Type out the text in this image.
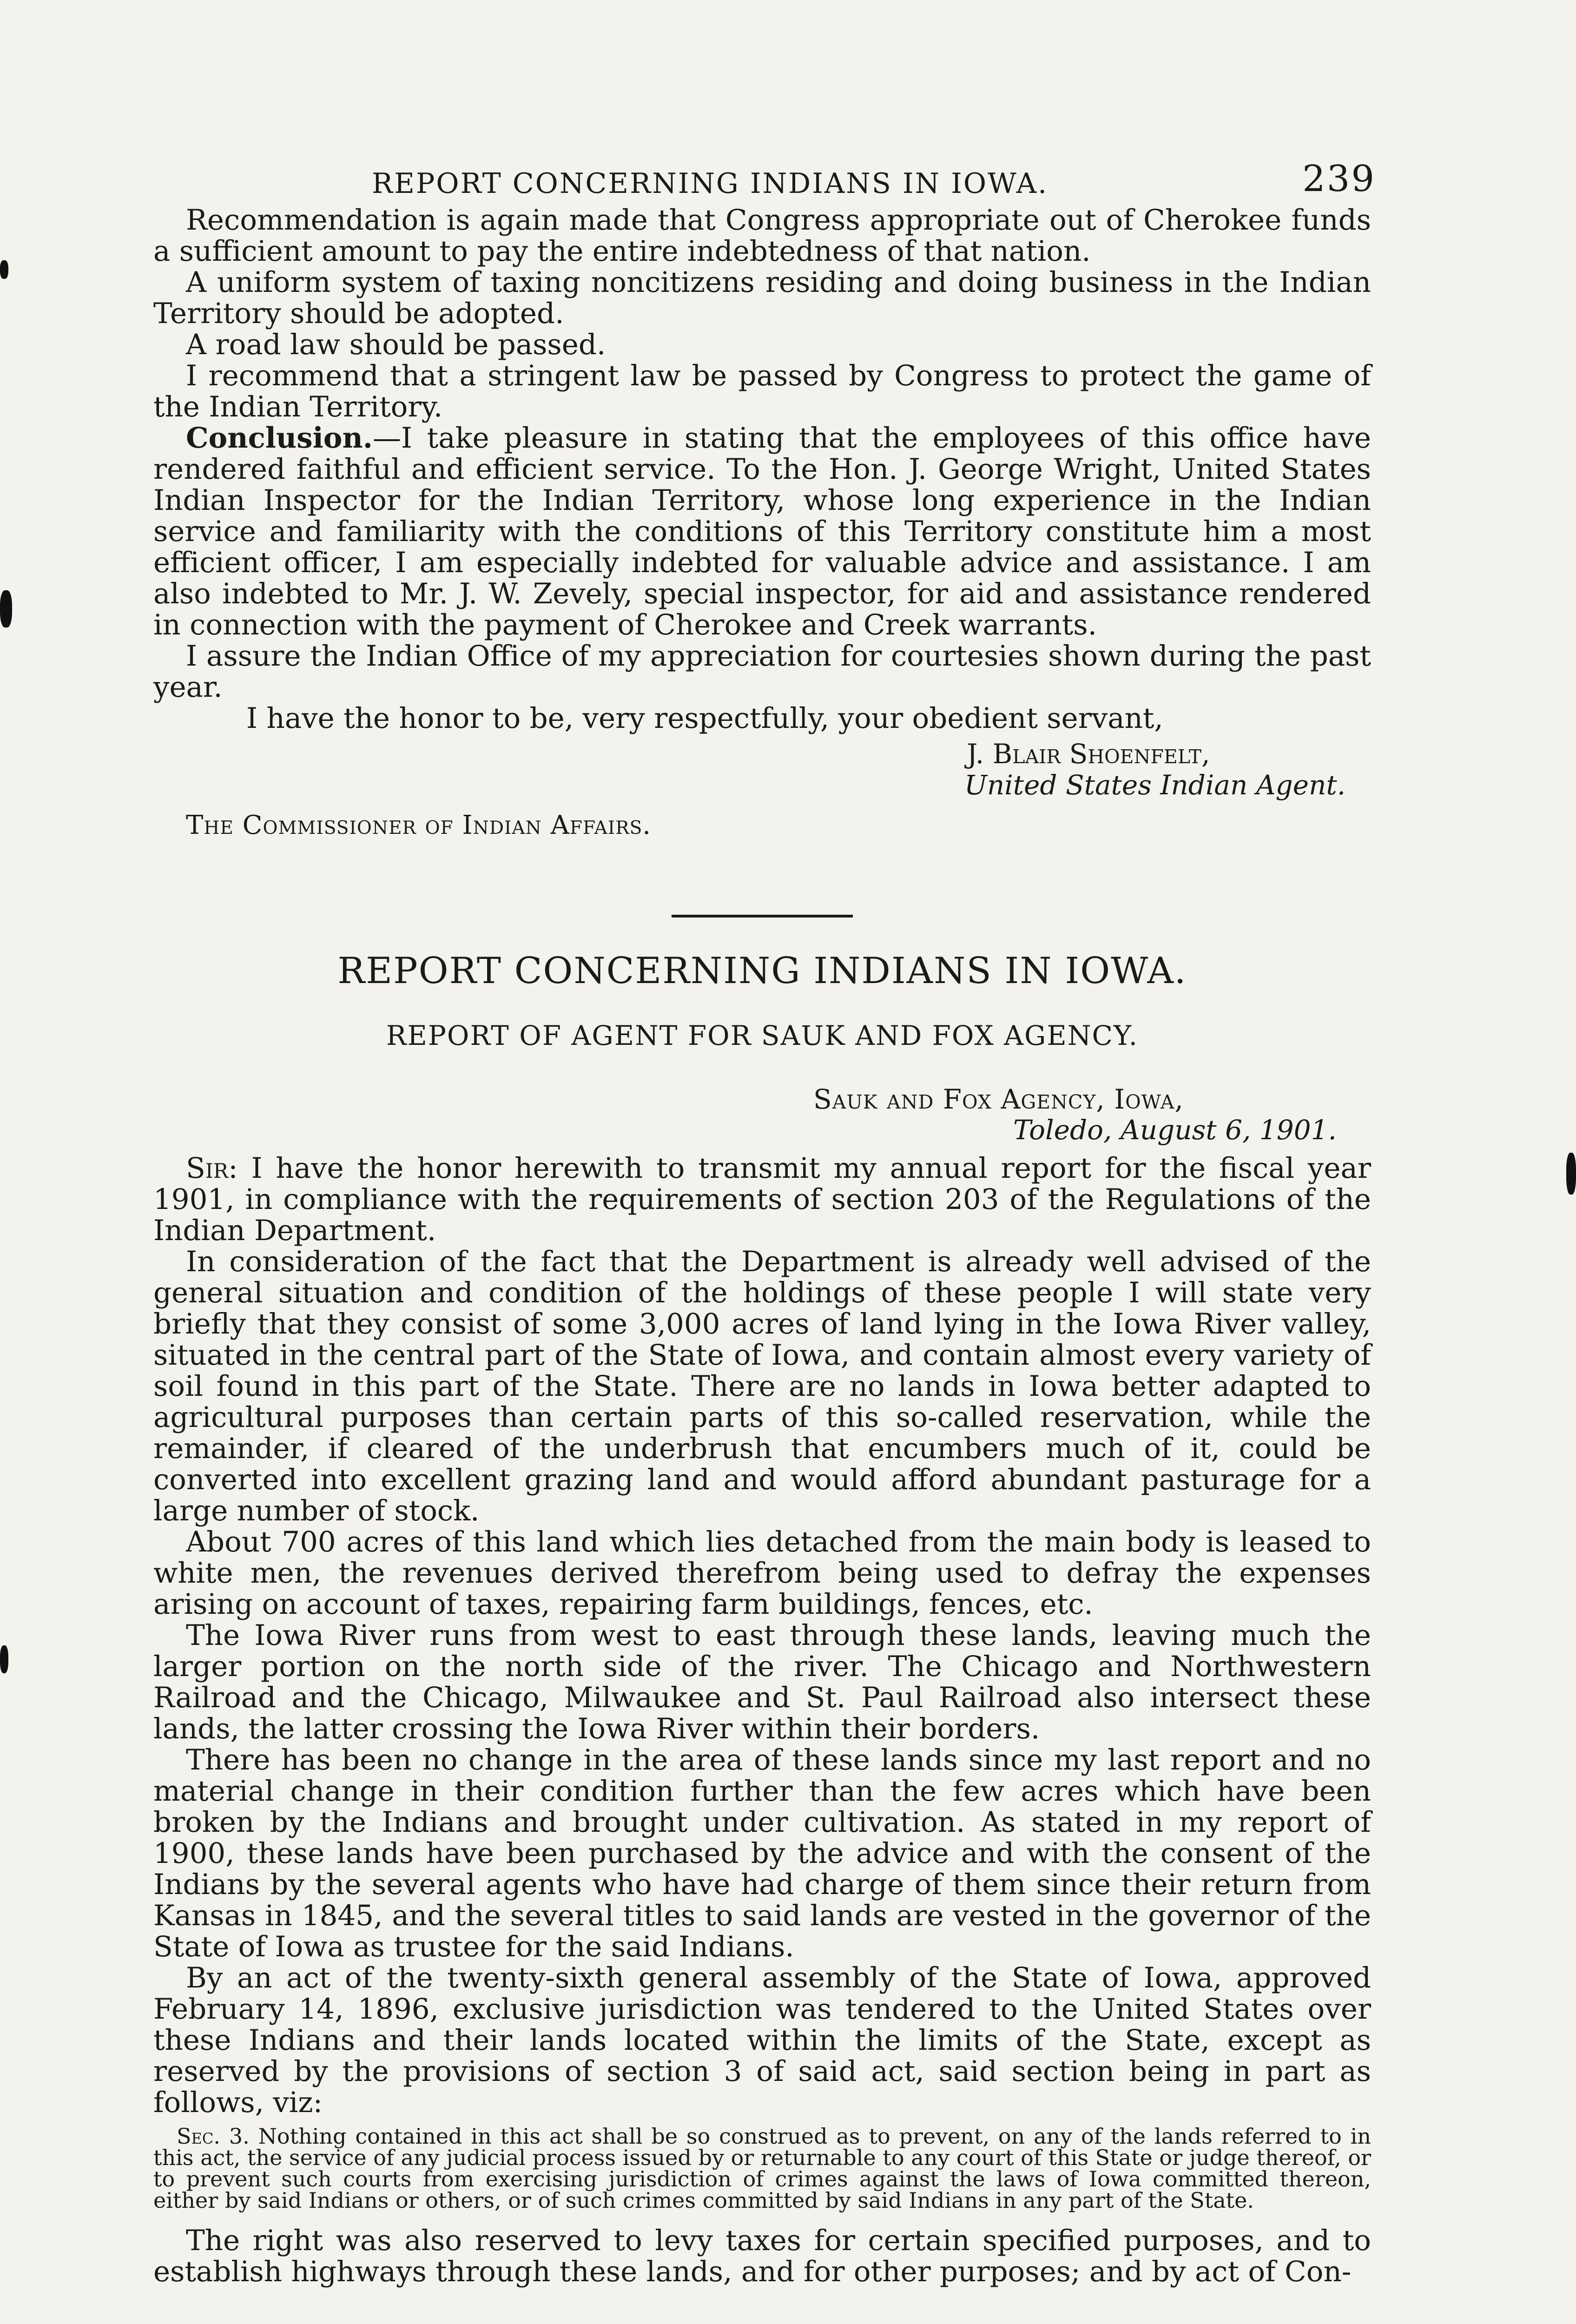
REPORT CONCERNING INDIANS IN IOWA.	239

Recommendation is again made that Congress appropriate out of Cherokee funds a sufficient amount to pay the entire indebtedness of that nation.

A uniform system of taxing noncitizens residing and doing business in the Indian Territory should be adopted.

A road law should be passed.

I recommend that a stringent law be passed by Congress to protect the game of the Indian Territory.

Conclusion.—I take pleasure in stating that the employees of this office have rendered faithful and efficient service. To the Hon. J. George Wright, United States Indian Inspector for the Indian Territory, whose long experience in the Indian service and familiarity with the conditions of this Territory constitute him a most efficient officer, I am especially indebted for valuable advice and assistance. I am also indebted to Mr. J. W. Zevely, special inspector, for aid and assistance rendered in connection with the payment of Cherokee and Creek warrants.

I assure the Indian Office of my appreciation for courtesies shown during the past year.

I have the honor to be, very respectfully, your obedient servant,

J. Blair Shoenfelt,
United States Indian Agent.
The Commissioner of Indian Affairs.
REPORT CONCERNING INDIANS IN IOWA.
REPORT OF AGENT FOR SAUK AND FOX AGENCY.
Sauk and Fox Agency, Iowa,
Toledo, August 6, 1901.

Sir: I have the honor herewith to transmit my annual report for the fiscal year 1901, in compliance with the requirements of section 203 of the Regulations of the Indian Department.

In consideration of the fact that the Department is already well advised of the general situation and condition of the holdings of these people I will state very briefly that they consist of some 3,000 acres of land lying in the Iowa River valley, situated in the central part of the State of Iowa, and contain almost every variety of soil found in this part of the State. There are no lands in Iowa better adapted to agricultural purposes than certain parts of this so-called reservation, while the remainder, if cleared of the underbrush that encumbers much of it, could be converted into excellent grazing land and would afford abundant pasturage for a large number of stock.

About 700 acres of this land which lies detached from the main body is leased to white men, the revenues derived therefrom being used to defray the expenses arising on account of taxes, repairing farm buildings, fences, etc.

The Iowa River runs from west to east through these lands, leaving much the larger portion on the north side of the river. The Chicago and Northwestern Railroad and the Chicago, Milwaukee and St. Paul Railroad also intersect these lands, the latter crossing the Iowa River within their borders.

There has been no change in the area of these lands since my last report and no material change in their condition further than the few acres which have been broken by the Indians and brought under cultivation. As stated in my report of 1900, these lands have been purchased by the advice and with the consent of the Indians by the several agents who have had charge of them since their return from Kansas in 1845, and the several titles to said lands are vested in the governor of the State of Iowa as trustee for the said Indians.

By an act of the twenty-sixth general assembly of the State of Iowa, approved February 14, 1896, exclusive jurisdiction was tendered to the United States over these Indians and their lands located within the limits of the State, except as reserved by the provisions of section 3 of said act, said section being in part as follows, viz:

Sec. 3. Nothing contained in this act shall be so construed as to prevent, on any of the lands referred to in this act, the service of any judicial process issued by or returnable to any court of this State or judge thereof, or to prevent such courts from exercising jurisdiction of crimes against the laws of Iowa committed thereon, either by said Indians or others, or of such crimes committed by said Indians in any part of the State.

The right was also reserved to levy taxes for certain specified purposes, and to establish highways through these lands, and for other purposes; and by act of Con-
